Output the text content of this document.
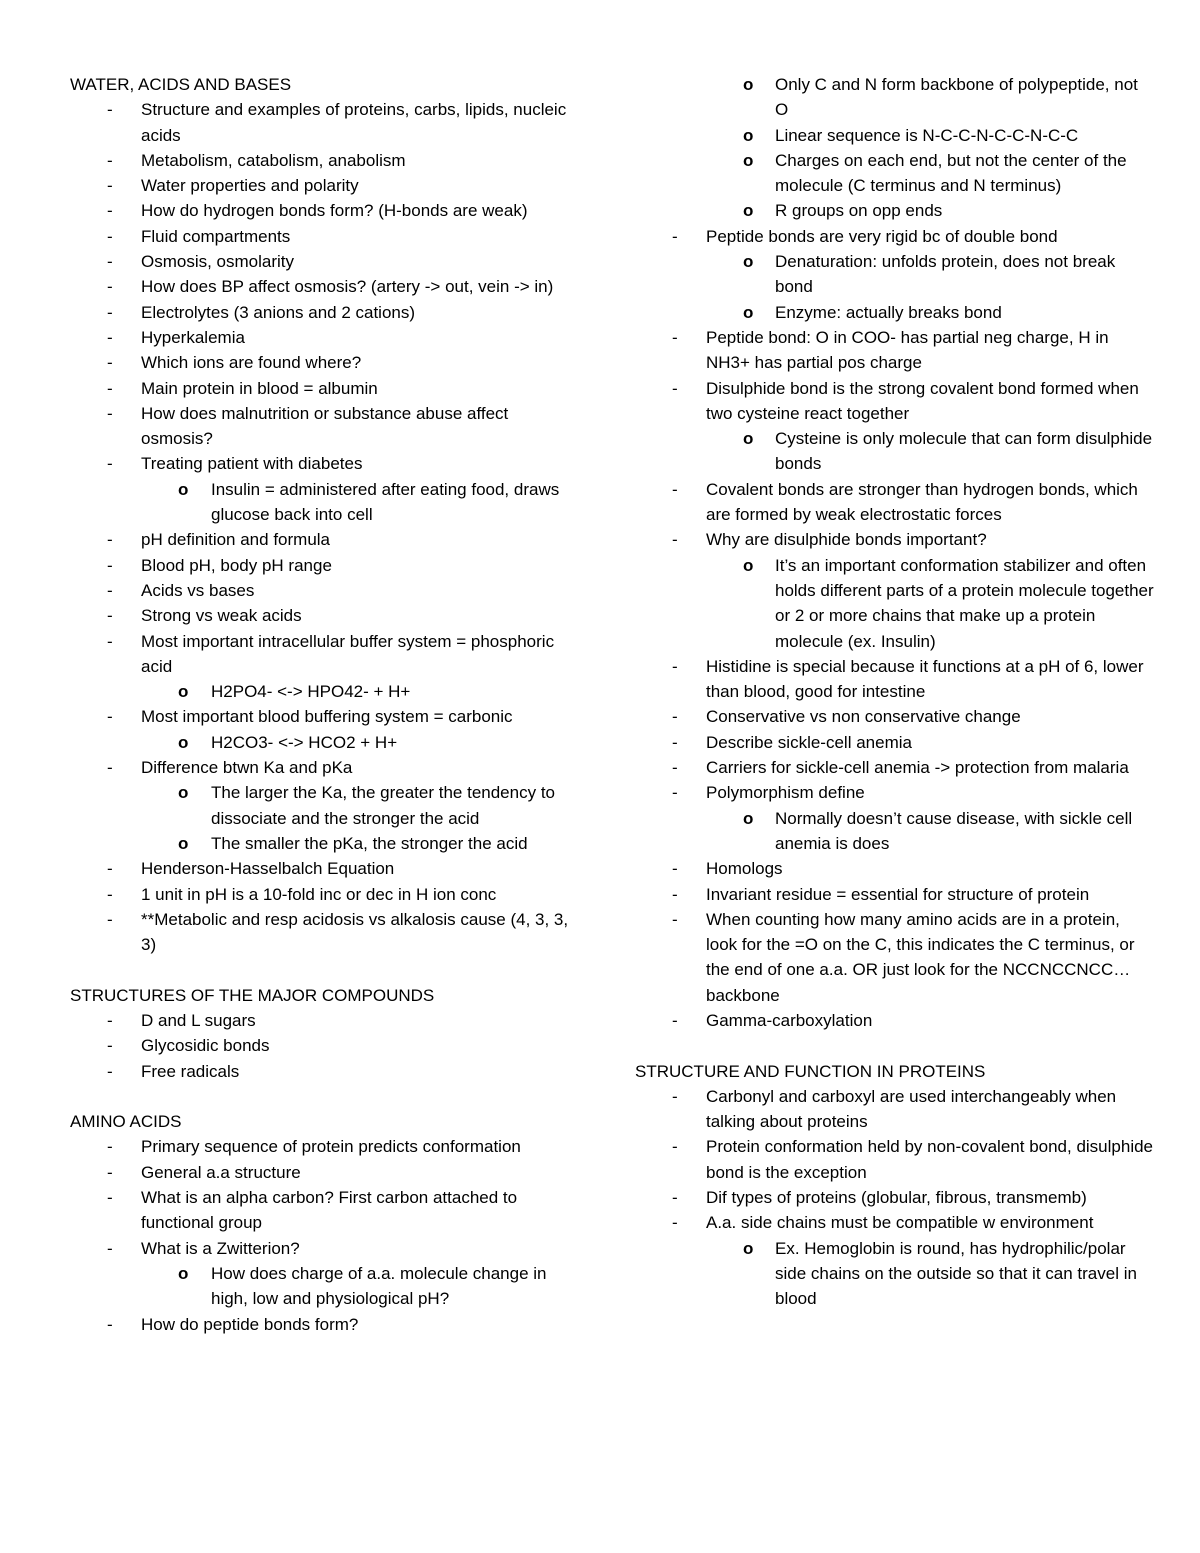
WATER, ACIDS AND BASES
- Structure and examples of proteins, carbs, lipids, nucleic acids
- Metabolism, catabolism, anabolism
- Water properties and polarity
- How do hydrogen bonds form? (H-bonds are weak)
- Fluid compartments
- Osmosis, osmolarity
- How does BP affect osmosis? (artery -> out, vein -> in)
- Electrolytes (3 anions and 2 cations)
- Hyperkalemia
- Which ions are found where?
- Main protein in blood = albumin
- How does malnutrition or substance abuse affect osmosis?
- Treating patient with diabetes
o Insulin = administered after eating food, draws glucose back into cell
- pH definition and formula
- Blood pH, body pH range
- Acids vs bases
- Strong vs weak acids
- Most important intracellular buffer system = phosphoric acid
o H2PO4- <-> HPO42- + H+
- Most important blood buffering system = carbonic
o H2CO3- <-> HCO2 + H+
- Difference btwn Ka and pKa
o The larger the Ka, the greater the tendency to dissociate and the stronger the acid
o The smaller the pKa, the stronger the acid
- Henderson-Hasselbalch Equation
- 1 unit in pH is a 10-fold inc or dec in H ion conc
- **Metabolic and resp acidosis vs alkalosis cause (4, 3, 3, 3)
STRUCTURES OF THE MAJOR COMPOUNDS
- D and L sugars
- Glycosidic bonds
- Free radicals
AMINO ACIDS
- Primary sequence of protein predicts conformation
- General a.a structure
- What is an alpha carbon? First carbon attached to functional group
- What is a Zwitterion?
o How does charge of a.a. molecule change in high, low and physiological pH?
- How do peptide bonds form?
o Only C and N form backbone of polypeptide, not O
o Linear sequence is N-C-C-N-C-C-N-C-C
o Charges on each end, but not the center of the molecule (C terminus and N terminus)
o R groups on opp ends
- Peptide bonds are very rigid bc of double bond
o Denaturation: unfolds protein, does not break bond
o Enzyme: actually breaks bond
- Peptide bond: O in COO- has partial neg charge, H in NH3+ has partial pos charge
- Disulphide bond is the strong covalent bond formed when two cysteine react together
o Cysteine is only molecule that can form disulphide bonds
- Covalent bonds are stronger than hydrogen bonds, which are formed by weak electrostatic forces
- Why are disulphide bonds important?
o It’s an important conformation stabilizer and often holds different parts of a protein molecule together or 2 or more chains that make up a protein molecule (ex. Insulin)
- Histidine is special because it functions at a pH of 6, lower than blood, good for intestine
- Conservative vs non conservative change
- Describe sickle-cell anemia
- Carriers for sickle-cell anemia -> protection from malaria
- Polymorphism define
o Normally doesn’t cause disease, with sickle cell anemia is does
- Homologs
- Invariant residue = essential for structure of protein
- When counting how many amino acids are in a protein, look for the =O on the C, this indicates the C terminus, or the end of one a.a. OR just look for the NCCNCCNCC… backbone
- Gamma-carboxylation
STRUCTURE AND FUNCTION IN PROTEINS
- Carbonyl and carboxyl are used interchangeably when talking about proteins
- Protein conformation held by non-covalent bond, disulphide bond is the exception
- Dif types of proteins (globular, fibrous, transmemb)
- A.a. side chains must be compatible w environment
o Ex. Hemoglobin is round, has hydrophilic/polar side chains on the outside so that it can travel in blood
